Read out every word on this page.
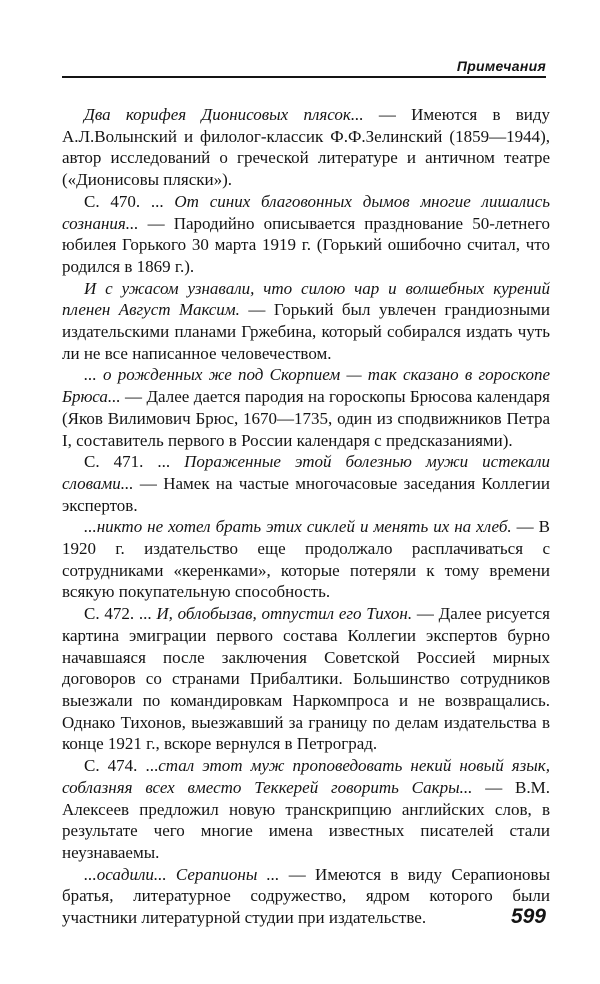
Примечания

Два корифея Дионисовых плясок... — Имеются в виду А.Л.Волынский и филолог-классик Ф.Ф.Зелинский (1859—1944), автор исследований о греческой литературе и античном театре («Дионисовы пляски»).

С. 470. ... От синих благовонных дымов многие лишались сознания... — Пародийно описывается празднование 50-летнего юбилея Горького 30 марта 1919 г. (Горький ошибочно считал, что родился в 1869 г.).

И с ужасом узнавали, что силою чар и волшебных курений пленен Август Максим. — Горький был увлечен грандиозными издательскими планами Гржебина, который собирался издать чуть ли не все написанное человечеством.

... о рожденных же под Скорпием — так сказано в гороскопе Брюса... — Далее дается пародия на гороскопы Брюсова календаря (Яков Вилимович Брюс, 1670—1735, один из сподвижников Петра I, составитель первого в России календаря с предсказаниями).

С. 471. ... Пораженные этой болезнью мужи истекали словами... — Намек на частые многочасовые заседания Коллегии экспертов.

...никто не хотел брать этих сиклей и менять их на хлеб. — В 1920 г. издательство еще продолжало расплачиваться с сотрудниками «керенками», которые потеряли к тому времени всякую покупательную способность.

С. 472. ... И, облобызав, отпустил его Тихон. — Далее рисуется картина эмиграции первого состава Коллегии экспертов бурно начавшаяся после заключения Советской Россией мирных договоров со странами Прибалтики. Большинство сотрудников выезжали по командировкам Наркомпроса и не возвращались. Однако Тихонов, выезжавший за границу по делам издательства в конце 1921 г., вскоре вернулся в Петроград.

С. 474. ...стал этот муж проповедовать некий новый язык, соблазняя всех вместо Теккерей говорить Сакры... — В.М. Алексеев предложил новую транскрипцию английских слов, в результате чего многие имена известных писателей стали неузнаваемы.

...осадили... Серапионы ... — Имеются в виду Серапионовы братья, литературное содружество, ядром которого были участники литературной студии при издательстве.	599
